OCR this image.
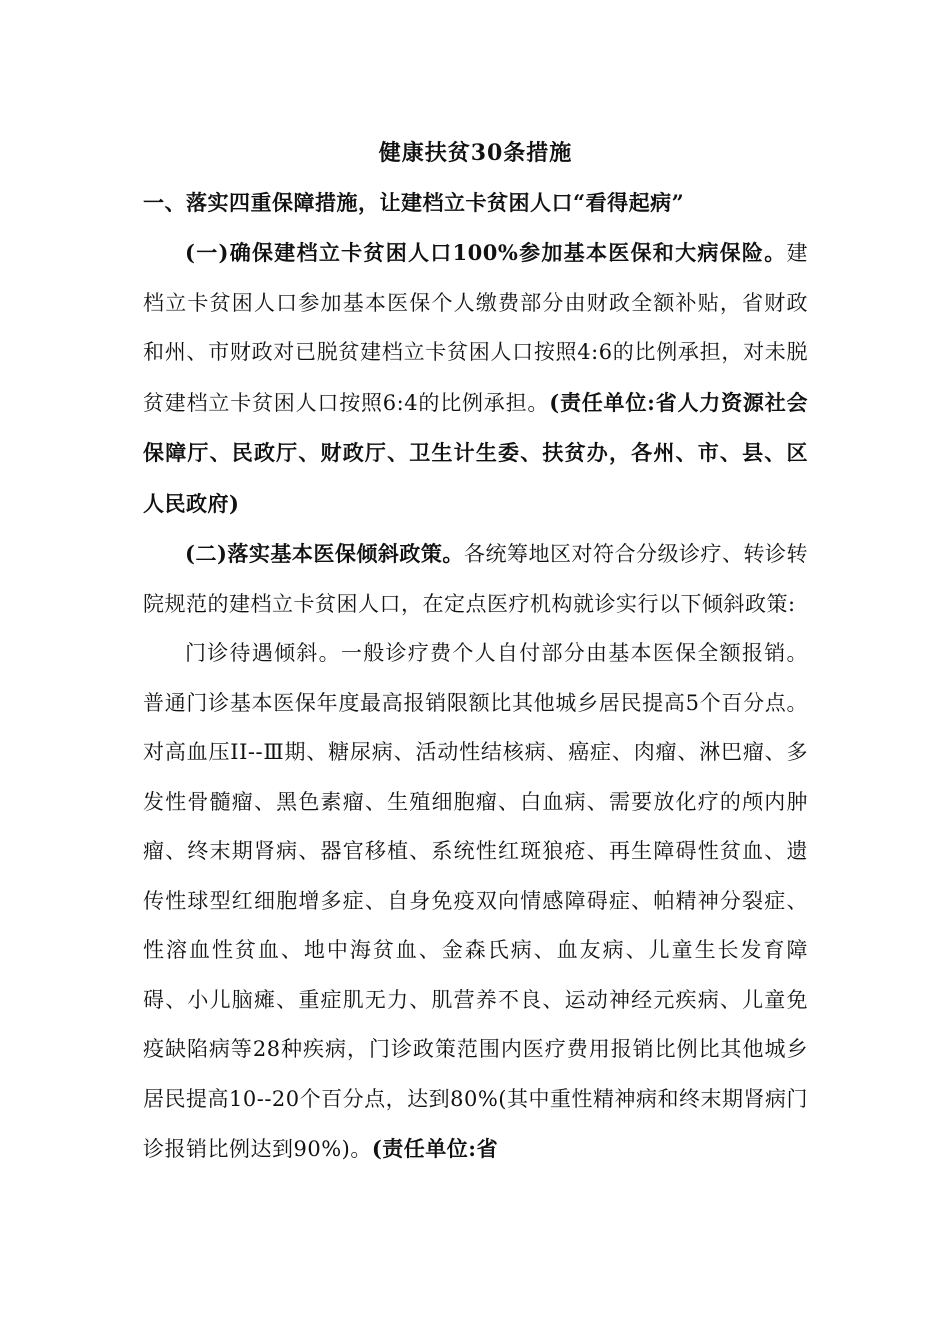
健康扶贫30条措施
一、落实四重保障措施，让建档立卡贫困人口“看得起病”

(一)确保建档立卡贫困人口100%参加基本医保和大病保险。建档立卡贫困人口参加基本医保个人缴费部分由财政全额补贴，省财政和州、市财政对已脱贫建档立卡贫困人口按照4:6的比例承担，对未脱贫建档立卡贫困人口按照6:4的比例承担。(责任单位:省人力资源社会保障厅、民政厅、财政厅、卫生计生委、扶贫办，各州、市、县、区人民政府)

(二)落实基本医保倾斜政策。各统筹地区对符合分级诊疗、转诊转院规范的建档立卡贫困人口，在定点医疗机构就诊实行以下倾斜政策:

门诊待遇倾斜。一般诊疗费个人自付部分由基本医保全额报销。普通门诊基本医保年度最高报销限额比其他城乡居民提高5个百分点。对高血压II--Ⅲ期、糖尿病、活动性结核病、癌症、肉瘤、淋巴瘤、多发性骨髓瘤、黑色素瘤、生殖细胞瘤、白血病、需要放化疗的颅内肿瘤、终末期肾病、器官移植、系统性红斑狼疮、再生障碍性贫血、遗传性球型红细胞增多症、自身免疫双向情感障碍症、帕精神分裂症、性溶血性贫血、地中海贫血、金森氏病、血友病、儿童生长发育障碍、小儿脑瘫、重症肌无力、肌营养不良、运动神经元疾病、儿童免疫缺陷病等28种疾病，门诊政策范围内医疗费用报销比例比其他城乡居民提高10--20个百分点，达到80%(其中重性精神病和终末期肾病门诊报销比例达到90%)。(责任单位:省
